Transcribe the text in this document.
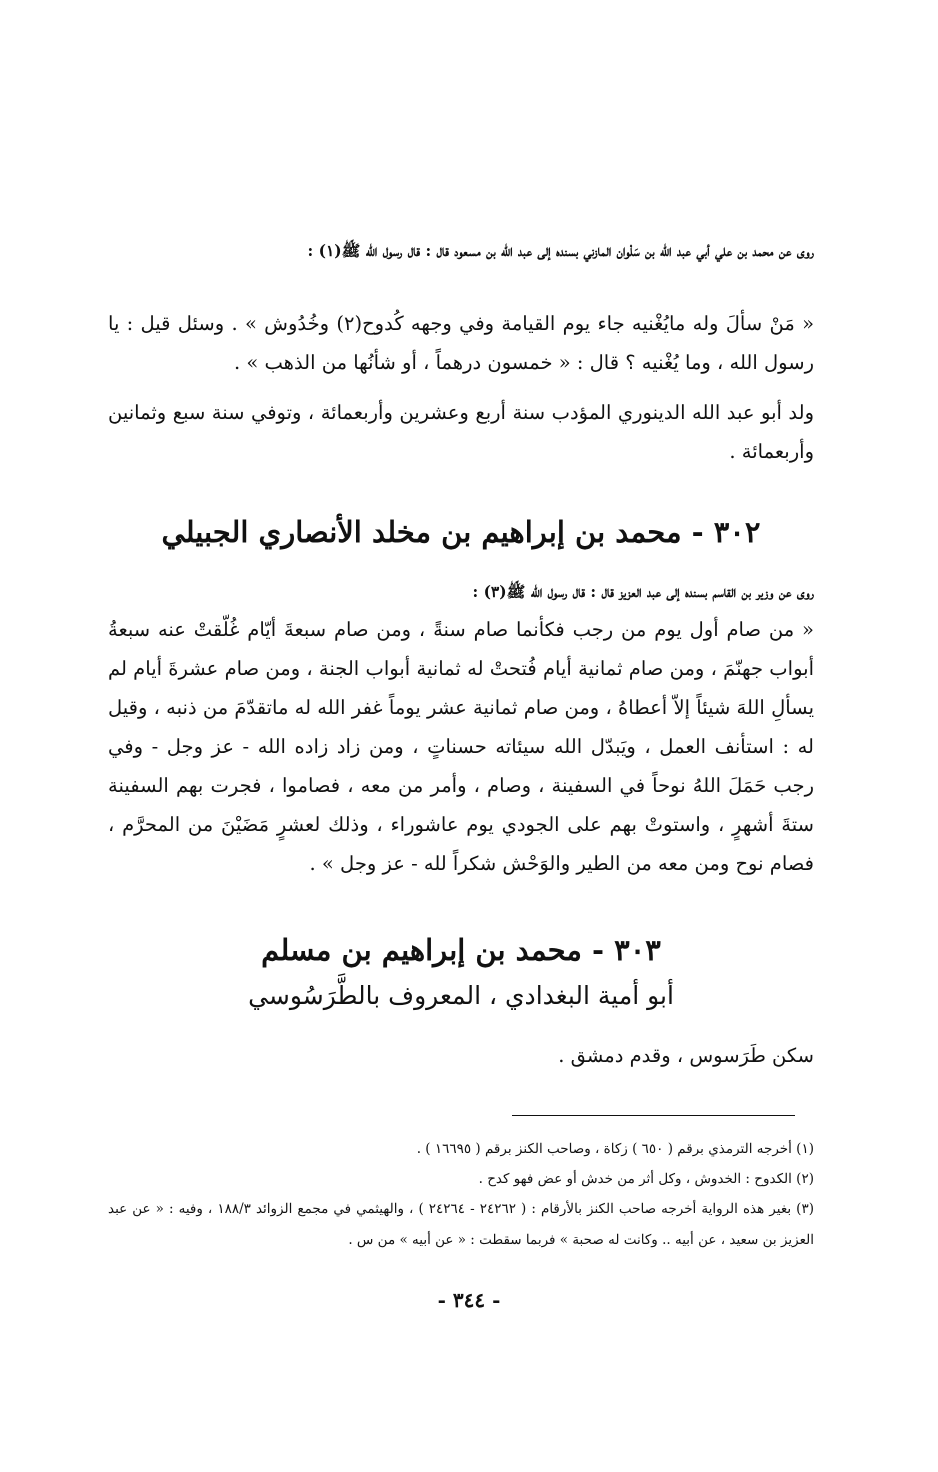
روى عن محمد بن علي أبي عبد الله بن سَلْوان المازني بسنده إلى عبد الله بن مسعود قال : قال رسول الله ﷺ(١) :
« مَنْ سألَ وله مايُغْنيه جاء يوم القيامة وفي وجهه كُدوح(٢) وخُدُوش » . وسئل قيل : يا رسول الله ، وما يُغْنيه ؟ قال : « خمسون درهماً ، أو شأنُها من الذهب » .
ولد أبو عبد الله الدينوري المؤدب سنة أربع وعشرين وأربعمائة ، وتوفي سنة سبع وثمانين وأربعمائة .
٣٠٢ - محمد بن إبراهيم بن مخلد الأنصاري الجبيلي
روى عن وزير بن القاسم بسنده إلى عبد العزيز قال : قال رسول الله ﷺ(٣) :
« من صام أول يوم من رجب فكأنما صام سنةً ، ومن صام سبعةَ أيّام غُلّقتْ عنه سبعةُ أبواب جهنّمَ ، ومن صام ثمانية أيام فُتحتْ له ثمانية أبواب الجنة ، ومن صام عشرةَ أيام لم يسألِ اللهَ شيئاً إلاّ أعطاهُ ، ومن صام ثمانية عشر يوماً غفر الله له ماتقدّمَ من ذنبه ، وقيل له : استأنف العمل ، ويَبدّل الله سيئاته حسناتٍ ، ومن زاد زاده الله - عز وجل - وفي رجب حَمَلَ اللهُ نوحاً في السفينة ، وصام ، وأمر من معه ، فصاموا ، فجرت بهم السفينة ستةَ أشهرٍ ، واستوتْ بهم على الجودي يوم عاشوراء ، وذلك لعشرٍ مَضَيْنَ من المحرَّم ، فصام نوح ومن معه من الطير والوَحْش شكراً لله - عز وجل » .
٣٠٣ - محمد بن إبراهيم بن مسلم
أبو أمية البغدادي ، المعروف بالطَّرَسُوسي
سكن طَرَسوس ، وقدم دمشق .
(١) أخرجه الترمذي برقم ( ٦٥٠ ) زكاة ، وصاحب الكنز برقم ( ١٦٦٩٥ ) .
(٢) الكدوح : الخدوش ، وكل أثر من خدش أو عض فهو كدح .
(٣) بغير هذه الرواية أخرجه صاحب الكنز بالأرقام : ( ٢٤٢٦٢ - ٢٤٢٦٤ ) ، والهيثمي في مجمع الزوائد ١٨٨/٣ ، وفيه : « عن عبد العزيز بن سعيد ، عن أبيه .. وكانت له صحبة » فربما سقطت : « عن أبيه » من س .
- ٣٤٤ -
